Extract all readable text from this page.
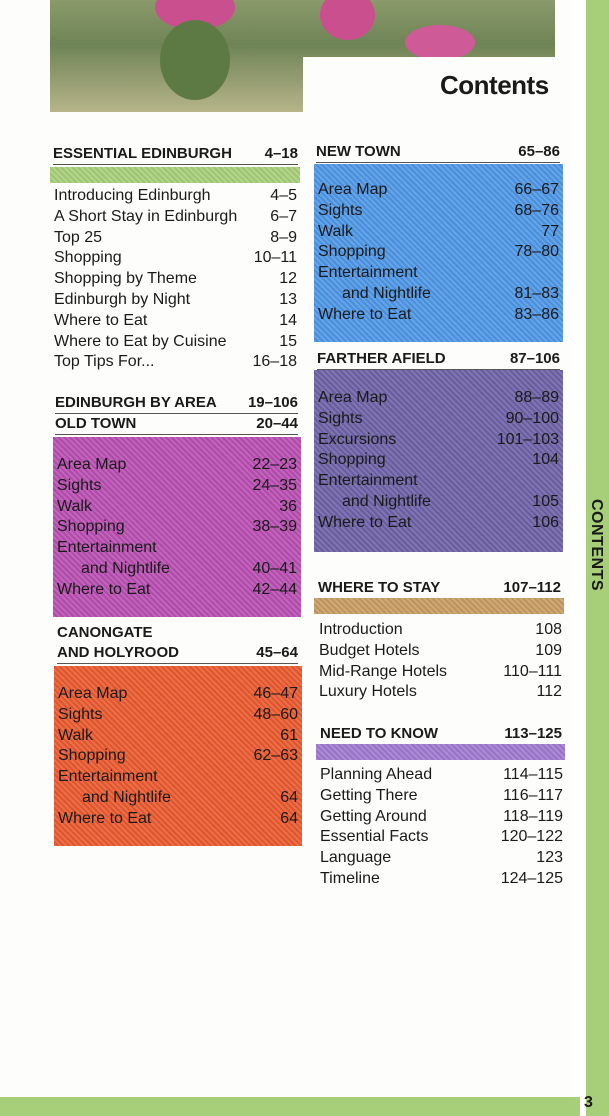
Contents
CONTENTS
3
ESSENTIAL EDINBURGH 4–18
Introducing Edinburgh	4–5
A Short Stay in Edinburgh 6–7
Top 25	8–9
Shopping	10–11
Shopping by Theme	12
Edinburgh by Night	13
Where to Eat	14
Where to Eat by Cuisine	15
Top Tips For...	16–18
EDINBURGH BY AREA 19–106
OLD TOWN	20–44
Area Map	22–23
Sights	24–35
Walk	36
Shopping	38–39
Entertainment
and Nightlife	40–41
Where to Eat	42–44
CANONGATE
AND HOLYROOD	45–64
Area Map	46–47
Sights	48–60
Walk	61
Shopping	62–63
Entertainment
and Nightlife	64
Where to Eat	64
NEW TOWN	65–86
Area Map	66–67
Sights	68–76
Walk	77
Shopping	78–80
Entertainment
and Nightlife	81–83
Where to Eat	83–86
FARTHER AFIELD	87–106
Area Map	88–89
Sights	90–100
Excursions	101–103
Shopping	104
Entertainment
and Nightlife	105
Where to Eat	106
WHERE TO STAY	107–112
Introduction	108
Budget Hotels	109
Mid-Range Hotels	110–111
Luxury Hotels	112
NEED TO KNOW	113–125
Planning Ahead	114–115
Getting There	116–117
Getting Around	118–119
Essential Facts	120–122
Language	123
Timeline	124–125
